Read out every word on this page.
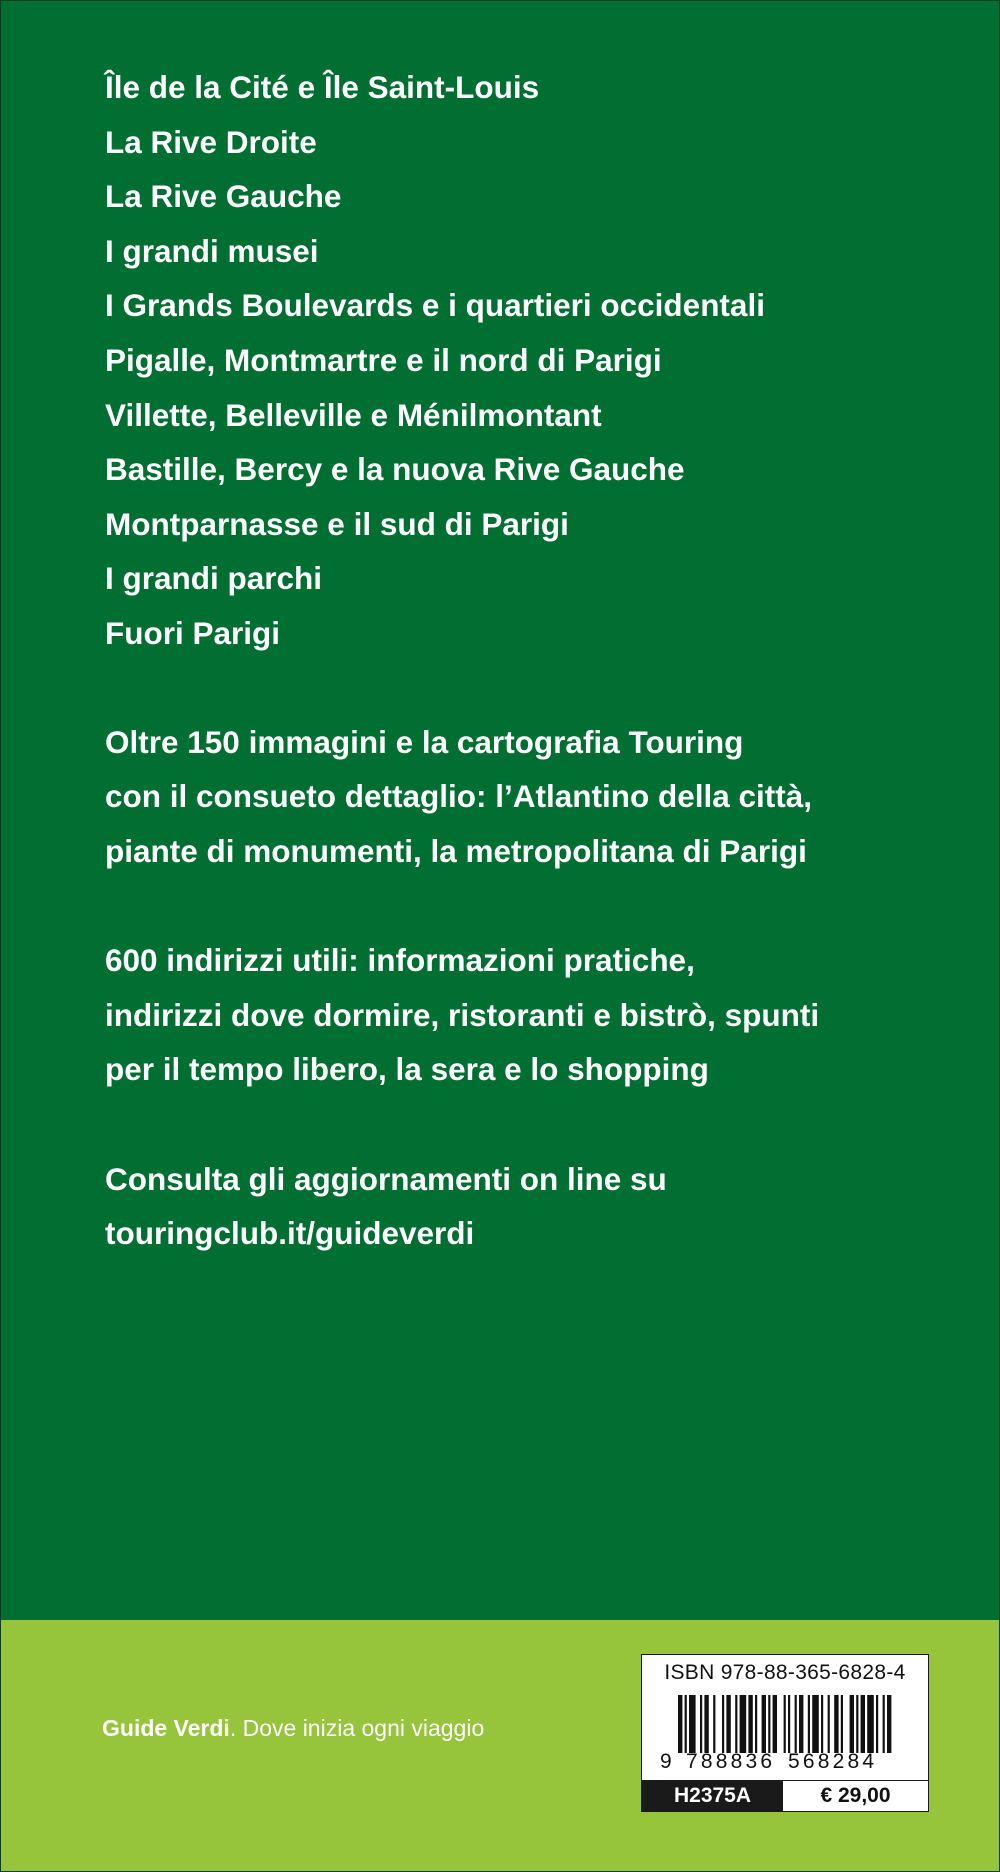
Île de la Cité e Île Saint-Louis
La Rive Droite
La Rive Gauche
I grandi musei
I Grands Boulevards e i quartieri occidentali
Pigalle, Montmartre e il nord di Parigi
Villette, Belleville e Ménilmontant
Bastille, Bercy e la nuova Rive Gauche
Montparnasse e il sud di Parigi
I grandi parchi
Fuori Parigi

Oltre 150 immagini e la cartografia Touring
con il consueto dettaglio: l’Atlantino della città,
piante di monumenti, la metropolitana di Parigi

600 indirizzi utili: informazioni pratiche,
indirizzi dove dormire, ristoranti e bistrò, spunti
per il tempo libero, la sera e lo shopping

Consulta gli aggiornamenti on line su
touringclub.it/guideverdi

Guide Verdi. Dove inizia ogni viaggio
ISBN 978-88-365-6828-4
9 788836 568284
H2375A	€ 29,00
